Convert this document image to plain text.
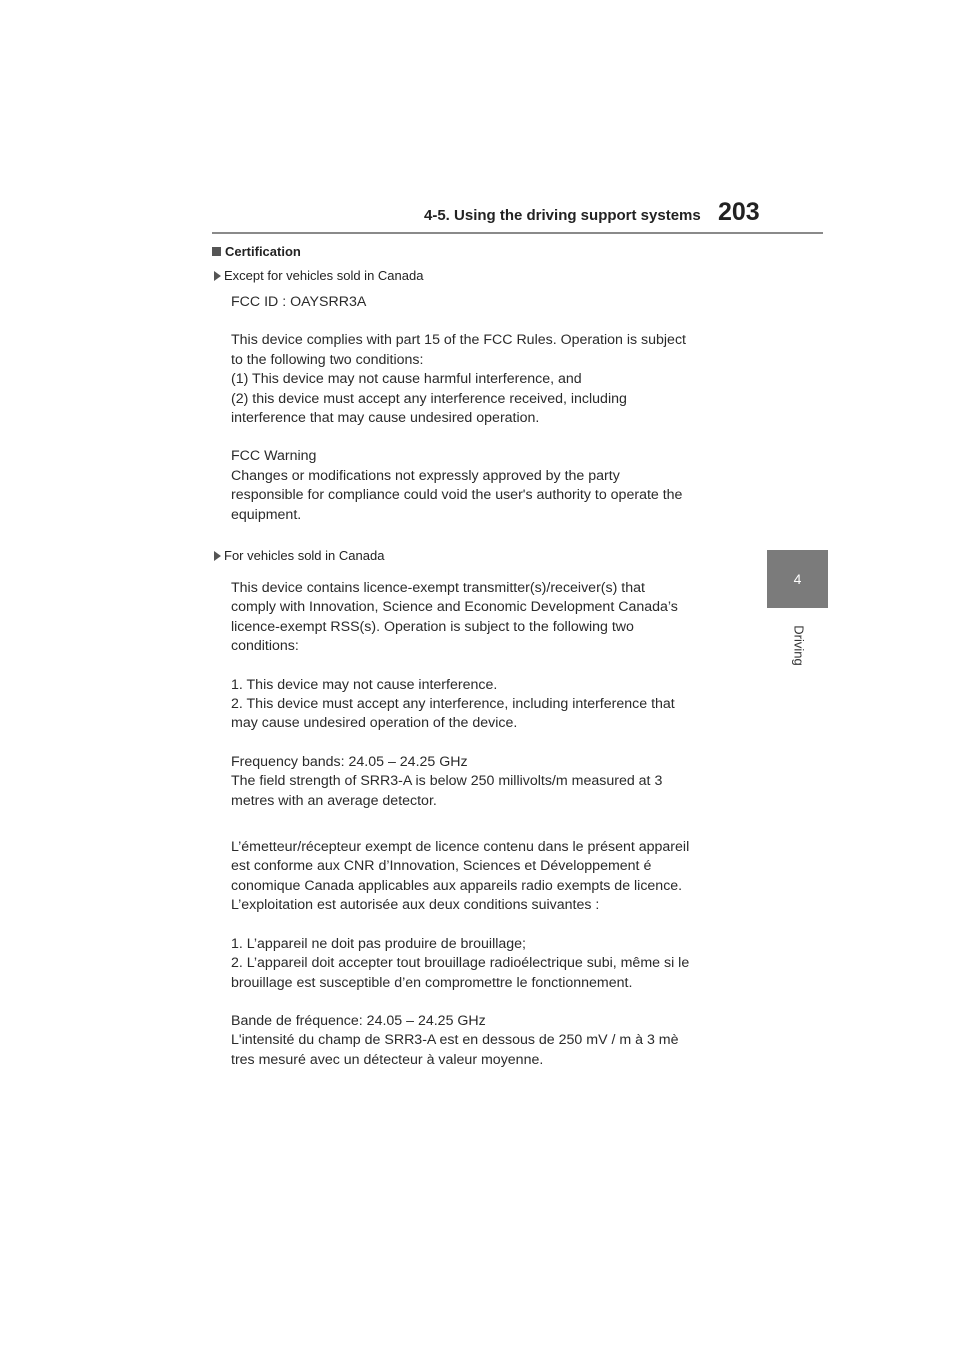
4-5. Using the driving support systems 203
4
Driving
Certification
Except for vehicles sold in Canada
FCC ID : OAYSRR3A
This device complies with part 15 of the FCC Rules. Operation is subject
to the following two conditions:
(1) This device may not cause harmful interference, and
(2) this device must accept any interference received, including
interference that may cause undesired operation.
FCC Warning
Changes or modifications not expressly approved by the party
responsible for compliance could void the user's authority to operate the
equipment.
For vehicles sold in Canada
This device contains licence-exempt transmitter(s)/receiver(s) that
comply with Innovation, Science and Economic Development Canada’s
licence-exempt RSS(s). Operation is subject to the following two
conditions:
1. This device may not cause interference.
2. This device must accept any interference, including interference that
may cause undesired operation of the device.
Frequency bands: 24.05 – 24.25 GHz
The field strength of SRR3-A is below 250 millivolts/m measured at 3
metres with an average detector.
L’émetteur/récepteur exempt de licence contenu dans le présent appareil
est conforme aux CNR d’Innovation, Sciences et Développement é
conomique Canada applicables aux appareils radio exempts de licence.
L’exploitation est autorisée aux deux conditions suivantes :
1. L’appareil ne doit pas produire de brouillage;
2. L’appareil doit accepter tout brouillage radioélectrique subi, même si le
brouillage est susceptible d’en compromettre le fonctionnement.
Bande de fréquence: 24.05 – 24.25 GHz
L'intensité du champ de SRR3-A est en dessous de 250 mV / m à 3 mè
tres mesuré avec un détecteur à valeur moyenne.
